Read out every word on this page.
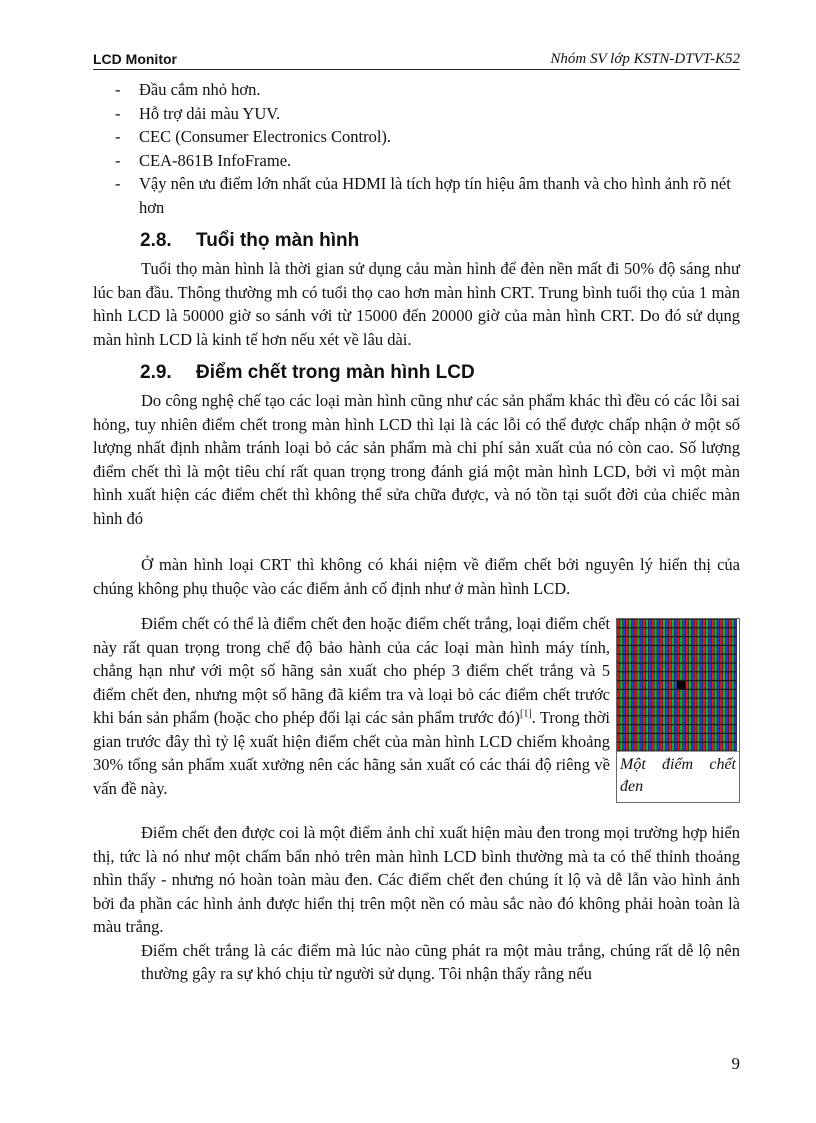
LCD Monitor	Nhóm SV lớp KSTN-DTVT-K52
- Đầu cắm nhỏ hơn.
- Hỗ trợ dải màu YUV.
- CEC (Consumer Electronics Control).
- CEA-861B InfoFrame.
- Vậy nên ưu điểm lớn nhất của HDMI là tích hợp tín hiệu âm thanh và cho hình ảnh rõ nét hơn
2.8. Tuổi thọ màn hình

Tuổi thọ màn hình là thời gian sử dụng cảu màn hình để đèn nền mất đi 50% độ sáng như lúc ban đầu. Thông thường mh có tuổi thọ cao hơn màn hình CRT. Trung bình tuổi thọ của 1 màn hình LCD là 50000 giờ so sánh với từ 15000 đến 20000 giờ của màn hình CRT. Do đó sử dụng màn hình LCD là kinh tế hơn nếu xét về lâu dài.

2.9. Điểm chết trong màn hình LCD

Do công nghệ chế tạo các loại màn hình cũng như các sản phẩm khác thì đều có các lỗi sai hỏng, tuy nhiên điểm chết trong màn hình LCD thì lại là các lỗi có thể được chấp nhận ở một số lượng nhất định nhằm tránh loại bỏ các sản phẩm mà chi phí sản xuất của nó còn cao. Số lượng điểm chết thì là một tiêu chí rất quan trọng trong đánh giá một màn hình LCD, bởi vì một màn hình xuất hiện các điểm chết thì không thể sửa chữa được, và nó tồn tại suốt đời của chiếc màn hình đó

Ở màn hình loại CRT thì không có khái niệm về điểm chết bởi nguyên lý hiển thị của chúng không phụ thuộc vào các điểm ảnh cố định như ở màn hình LCD.

Một điểm chết đen

Điểm chết có thể là điểm chết đen hoặc điểm chết trắng, loại điểm chết này rất quan trọng trong chế độ bảo hành của các loại màn hình máy tính, chẳng hạn như với một số hãng sản xuất cho phép 3 điểm chết trắng và 5 điểm chết đen, nhưng một số hãng đã kiểm tra và loại bỏ các điểm chết trước khi bán sản phẩm (hoặc cho phép đổi lại các sản phẩm trước đó)[1]. Trong thời gian trước đây thì tỷ lệ xuất hiện điểm chết của màn hình LCD chiếm khoảng 30% tổng sản phẩm xuất xưởng nên các hãng sản xuất có các thái độ riêng về vấn đề này.

Điểm chết đen được coi là một điểm ảnh chỉ xuất hiện màu đen trong mọi trường hợp hiển thị, tức là nó như một chấm bẩn nhỏ trên màn hình LCD bình thường mà ta có thể thỉnh thoảng nhìn thấy - nhưng nó hoàn toàn màu đen. Các điểm chết đen chúng ít lộ và dễ lẫn vào hình ảnh bởi đa phần các hình ảnh được hiển thị trên một nền có màu sắc nào đó không phải hoàn toàn là màu trắng.

Điểm chết trắng là các điểm mà lúc nào cũng phát ra một màu trắng, chúng rất dễ lộ nên thường gây ra sự khó chịu từ người sử dụng. Tôi nhận thấy rằng nếu

9
